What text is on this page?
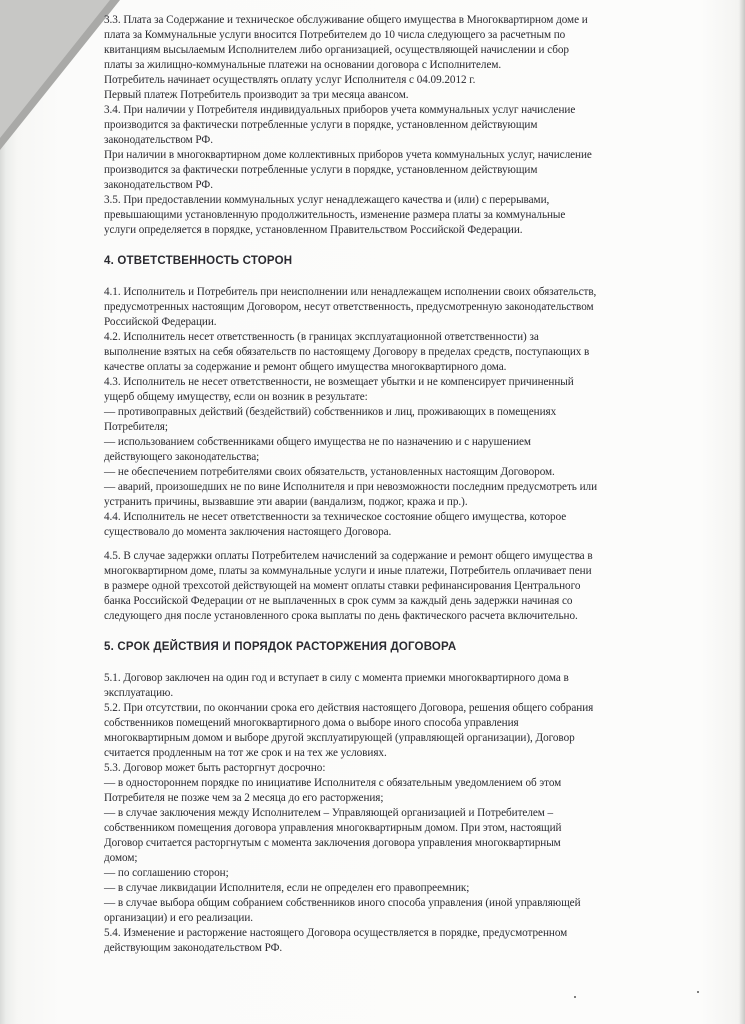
3.3. Плата за Содержание и техническое обслуживание общего имущества в Многоквартирном доме и

плата за Коммунальные услуги вносится Потребителем до 10 числа следующего за расчетным по

квитанциям высылаемым Исполнителем либо организацией, осуществляющей начислении и сбор

платы за жилищно-коммунальные платежи на основании договора с Исполнителем.

Потребитель начинает осуществлять оплату услуг Исполнителя с 04.09.2012 г.

Первый платеж Потребитель производит за три месяца авансом.

3.4. При наличии у Потребителя индивидуальных приборов учета коммунальных услуг начисление

производится за фактически потребленные услуги в порядке, установленном действующим

законодательством РФ.

При наличии в многоквартирном доме коллективных приборов учета коммунальных услуг, начисление

производится за фактически потребленные услуги в порядке, установленном действующим

законодательством РФ.

3.5. При предоставлении коммунальных услуг ненадлежащего качества и (или) с перерывами,

превышающими установленную продолжительность, изменение размера платы за коммунальные

услуги определяется в порядке, установленном Правительством Российской Федерации.

4. ОТВЕТСТВЕННОСТЬ СТОРОН

4.1. Исполнитель и Потребитель при неисполнении или ненадлежащем исполнении своих обязательств,

предусмотренных настоящим Договором, несут ответственность, предусмотренную законодательством

Российской Федерации.

4.2. Исполнитель несет ответственность (в границах эксплуатационной ответственности) за

выполнение взятых на себя обязательств по настоящему Договору в пределах средств, поступающих в

качестве оплаты за содержание и ремонт общего имущества многоквартирного дома.

4.3. Исполнитель не несет ответственности, не возмещает убытки и не компенсирует причиненный

ущерб общему имуществу, если он возник в результате:

— противоправных действий (бездействий) собственников и лиц, проживающих в помещениях

Потребителя;

— использованием собственниками общего имущества не по назначению и с нарушением

действующего законодательства;

— не обеспечением потребителями своих обязательств, установленных настоящим Договором.

— аварий, произошедших не по вине Исполнителя и при невозможности последним предусмотреть или

устранить причины, вызвавшие эти аварии (вандализм, поджог, кража и пр.).

4.4. Исполнитель не несет ответственности за техническое состояние общего имущества, которое

существовало до момента заключения настоящего Договора.

4.5. В случае задержки оплаты Потребителем начислений за содержание и ремонт общего имущества в

многоквартирном доме, платы за коммунальные услуги и иные платежи, Потребитель оплачивает пени

в размере одной трехсотой действующей на момент оплаты ставки рефинансирования Центрального

банка Российской Федерации от не выплаченных в срок сумм за каждый день задержки начиная со

следующего дня после установленного срока выплаты по день фактического расчета включительно.

5. СРОК ДЕЙСТВИЯ И ПОРЯДОК РАСТОРЖЕНИЯ ДОГОВОРА

5.1. Договор заключен на один год и вступает в силу с момента приемки многоквартирного дома в

эксплуатацию.

5.2. При отсутствии, по окончании срока его действия настоящего Договора, решения общего собрания

собственников помещений многоквартирного дома о выборе иного способа управления

многоквартирным домом и выборе другой эксплуатирующей (управляющей организации), Договор

считается продленным на тот же срок и на тех же условиях.

5.3. Договор может быть расторгнут досрочно:

— в одностороннем порядке по инициативе Исполнителя с обязательным уведомлением об этом

Потребителя не позже чем за 2 месяца до его расторжения;

— в случае заключения между Исполнителем – Управляющей организацией и Потребителем –

собственником помещения договора управления многоквартирным домом. При этом, настоящий

Договор считается расторгнутым с момента заключения договора управления многоквартирным

домом;

— по соглашению сторон;

— в случае ликвидации Исполнителя, если не определен его правопреемник;

— в случае выбора общим собранием собственников иного способа управления (иной управляющей

организации) и его реализации.

5.4. Изменение и расторжение настоящего Договора осуществляется в порядке, предусмотренном

действующим законодательством РФ.
